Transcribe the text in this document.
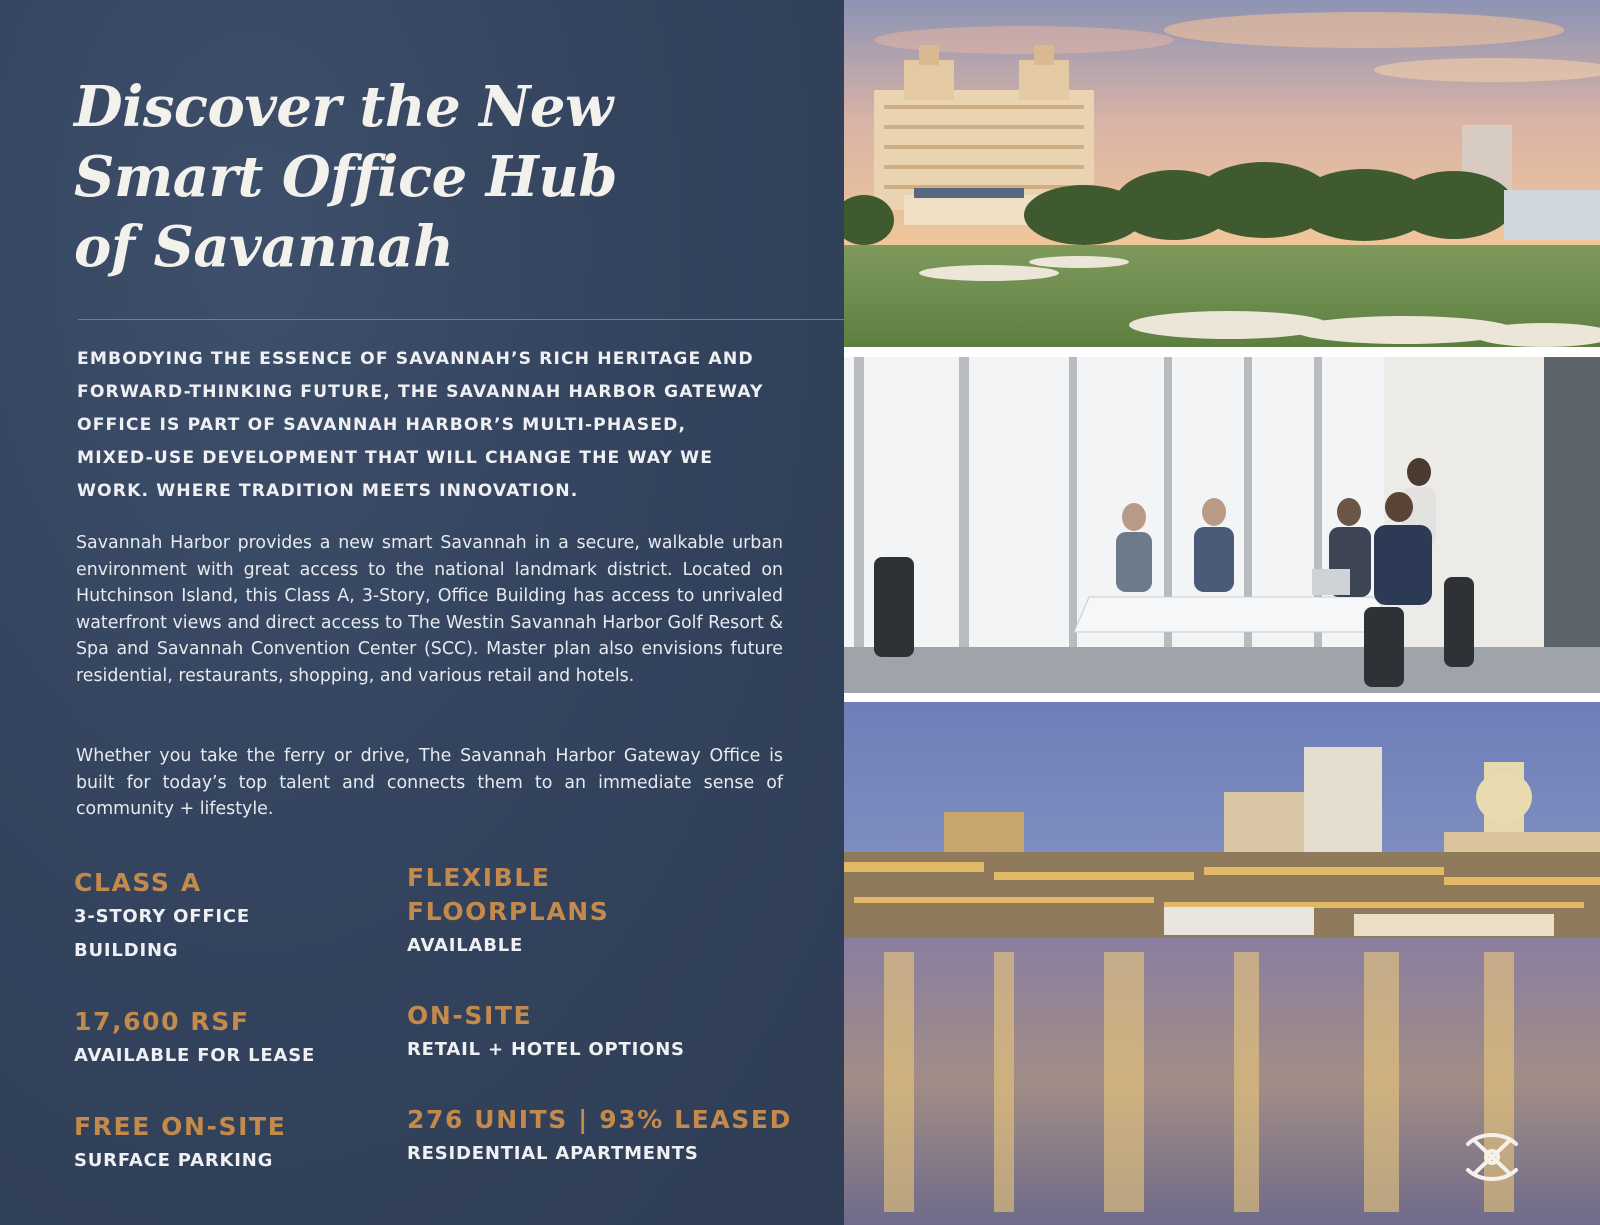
Discover the New
Smart Office Hub
of Savannah

EMBODYING THE ESSENCE OF SAVANNAH’S RICH HERITAGE AND FORWARD-THINKING FUTURE, THE SAVANNAH HARBOR GATEWAY OFFICE IS PART OF SAVANNAH HARBOR’S MULTI-PHASED, MIXED-USE DEVELOPMENT THAT WILL CHANGE THE WAY WE WORK. WHERE TRADITION MEETS INNOVATION.

Savannah Harbor provides a new smart Savannah in a secure, walkable urban environment with great access to the national landmark district. Located on Hutchinson Island, this Class A, 3-Story, Office Building has access to unrivaled waterfront views and direct access to The Westin Savannah Harbor Golf Resort & Spa and Savannah Convention Center (SCC). Master plan also envisions future residential, restaurants, shopping, and various retail and hotels.

Whether you take the ferry or drive, The Savannah Harbor Gateway Office is built for today’s top talent and connects them to an immediate sense of community + lifestyle.

CLASS A
3-STORY OFFICE BUILDING
FLEXIBLE FLOORPLANS
AVAILABLE
17,600 RSF
AVAILABLE FOR LEASE
ON-SITE
RETAIL + HOTEL OPTIONS
FREE ON-SITE
SURFACE PARKING
276 UNITS | 93% LEASED
RESIDENTIAL APARTMENTS
